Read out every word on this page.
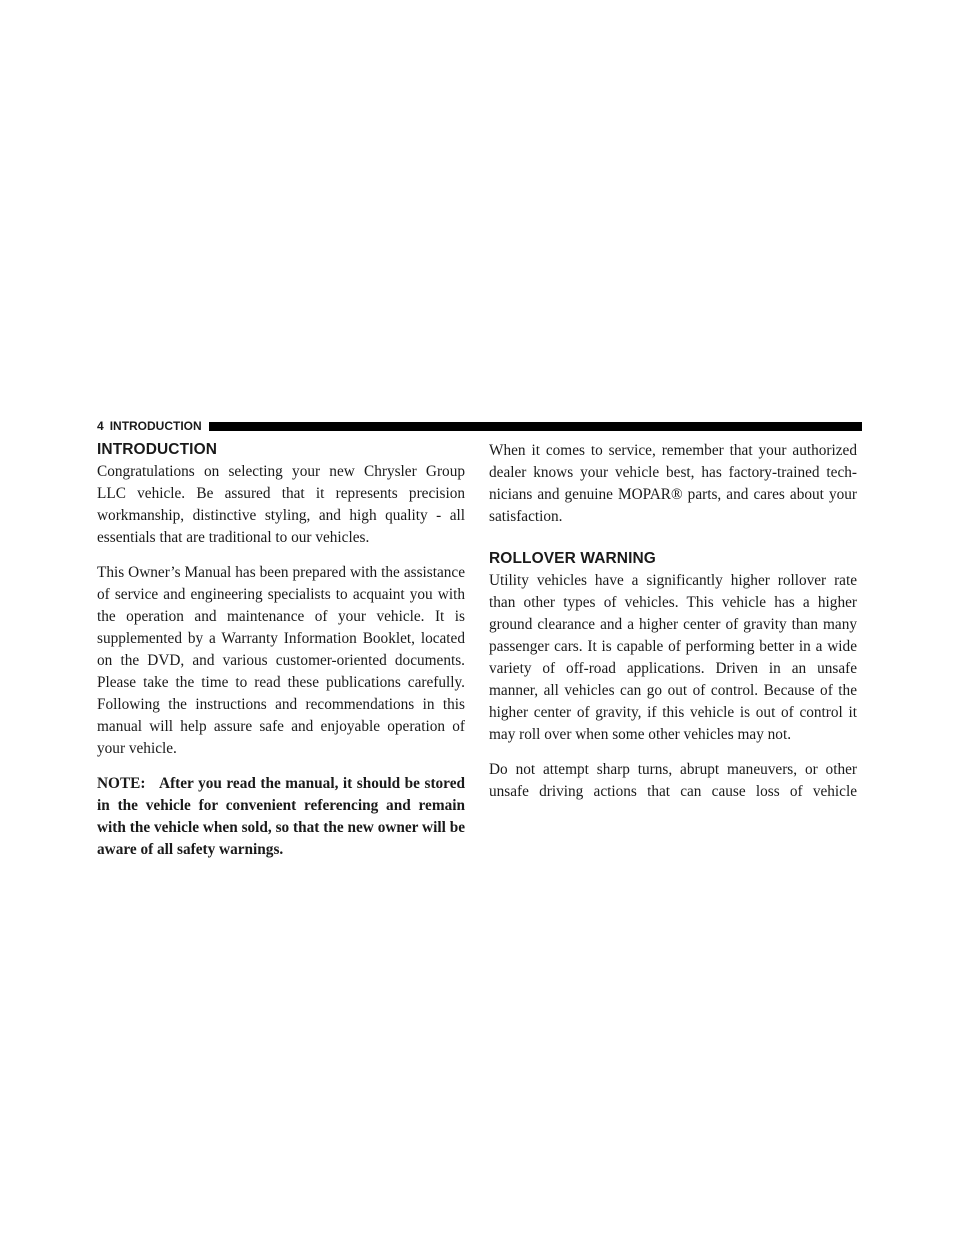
4 INTRODUCTION
INTRODUCTION

Congratulations on selecting your new Chrysler Group LLC vehicle. Be assured that it represents precision workmanship, distinctive styling, and high quality - all essentials that are traditional to our vehicles.

This Owner’s Manual has been prepared with the assistance of service and engineering specialists to acquaint you with the operation and maintenance of your vehicle. It is supplemented by a Warranty Information Booklet, located on the DVD, and various customer-oriented documents. Please take the time to read these publications carefully. Following the instructions and recommendations in this manual will help assure safe and enjoyable operation of your vehicle.

NOTE: After you read the manual, it should be stored in the vehicle for convenient referencing and remain with the vehicle when sold, so that the new owner will be aware of all safety warnings.

When it comes to service, remember that your authorized dealer knows your vehicle best, has factory-trained technicians and genuine MOPAR® parts, and cares about your satisfaction.

ROLLOVER WARNING

Utility vehicles have a significantly higher rollover rate than other types of vehicles. This vehicle has a higher ground clearance and a higher center of gravity than many passenger cars. It is capable of performing better in a wide variety of off-road applications. Driven in an unsafe manner, all vehicles can go out of control. Because of the higher center of gravity, if this vehicle is out of control it may roll over when some other vehicles may not.

Do not attempt sharp turns, abrupt maneuvers, or other unsafe driving actions that can cause loss of vehicle
